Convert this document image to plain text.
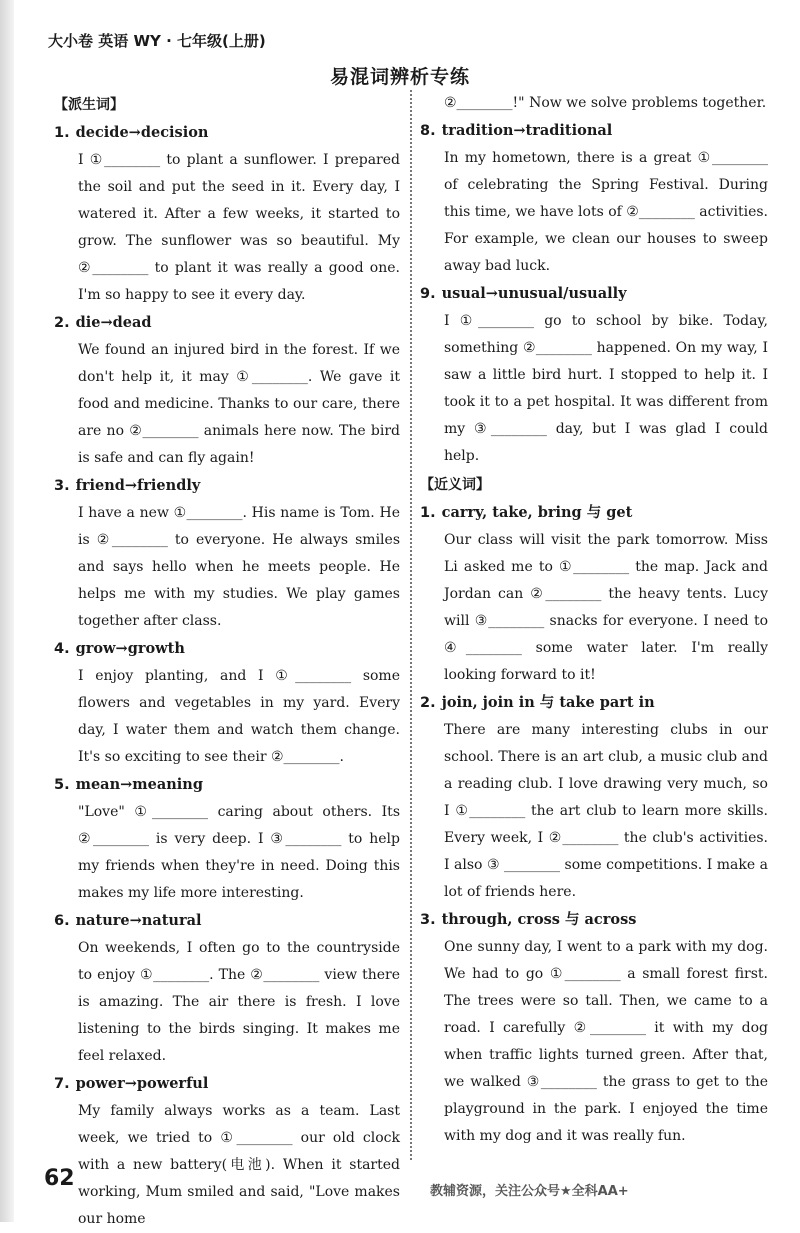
大小卷 英语 WY · 七年级(上册)
易混词辨析专练
【派生词】
1. decide→decision
I ①________ to plant a sunflower. I prepared the soil and put the seed in it. Every day, I watered it. After a few weeks, it started to grow. The sunflower was so beautiful. My ②________ to plant it was really a good one. I'm so happy to see it every day.
2. die→dead
We found an injured bird in the forest. If we don't help it, it may ①________. We gave it food and medicine. Thanks to our care, there are no ②________ animals here now. The bird is safe and can fly again!
3. friend→friendly
I have a new ①________. His name is Tom. He is ②________ to everyone. He always smiles and says hello when he meets people. He helps me with my studies. We play games together after class.
4. grow→growth
I enjoy planting, and I ①________ some flowers and vegetables in my yard. Every day, I water them and watch them change. It's so exciting to see their ②________.
5. mean→meaning
"Love" ①________ caring about others. Its ②________ is very deep. I ③________ to help my friends when they're in need. Doing this makes my life more interesting.
6. nature→natural
On weekends, I often go to the countryside to enjoy ①________. The ②________ view there is amazing. The air there is fresh. I love listening to the birds singing. It makes me feel relaxed.
7. power→powerful
My family always works as a team. Last week, we tried to ①________ our old clock with a new battery(电池). When it started working, Mum smiled and said, "Love makes our home
②________!" Now we solve problems together.
8. tradition→traditional
In my hometown, there is a great ①________ of celebrating the Spring Festival. During this time, we have lots of ②________ activities. For example, we clean our houses to sweep away bad luck.
9. usual→unusual/usually
I ①________ go to school by bike. Today, something ②________ happened. On my way, I saw a little bird hurt. I stopped to help it. I took it to a pet hospital. It was different from my ③________ day, but I was glad I could help.
【近义词】
1. carry, take, bring 与 get
Our class will visit the park tomorrow. Miss Li asked me to ①________ the map. Jack and Jordan can ②________ the heavy tents. Lucy will ③________ snacks for everyone. I need to ④________ some water later. I'm really looking forward to it!
2. join, join in 与 take part in
There are many interesting clubs in our school. There is an art club, a music club and a reading club. I love drawing very much, so I ①________ the art club to learn more skills. Every week, I ②________ the club's activities. I also ③ ________ some competitions. I make a lot of friends here.
3. through, cross 与 across
One sunny day, I went to a park with my dog. We had to go ①________ a small forest first. The trees were so tall. Then, we came to a road. I carefully ②________ it with my dog when traffic lights turned green. After that, we walked ③________ the grass to get to the playground in the park. I enjoyed the time with my dog and it was really fun.
62
教辅资源，关注公众号★全科AA+
